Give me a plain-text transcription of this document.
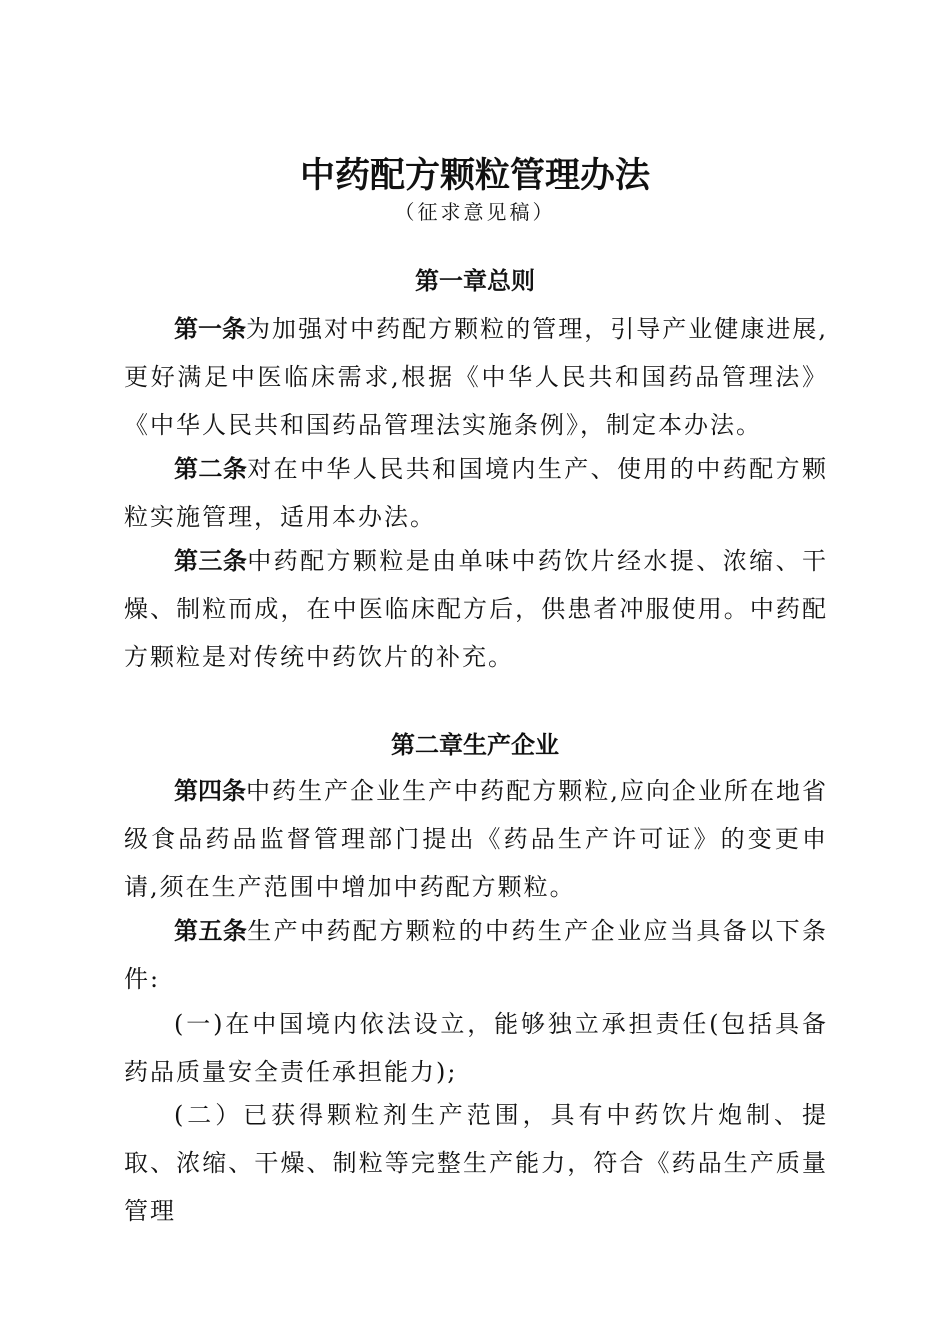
中药配方颗粒管理办法
（征求意见稿）
第一章总则
第一条为加强对中药配方颗粒的管理，引导产业健康进展,更好满足中医临床需求,根据《中华人民共和国药品管理法》《中华人民共和国药品管理法实施条例》，制定本办法。
第二条对在中华人民共和国境内生产、使用的中药配方颗粒实施管理，适用本办法。
第三条中药配方颗粒是由单味中药饮片经水提、浓缩、干燥、制粒而成，在中医临床配方后，供患者冲服使用。中药配方颗粒是对传统中药饮片的补充。
第二章生产企业
第四条中药生产企业生产中药配方颗粒,应向企业所在地省级食品药品监督管理部门提出《药品生产许可证》的变更申请,须在生产范围中增加中药配方颗粒。
第五条生产中药配方颗粒的中药生产企业应当具备以下条件:
(一)在中国境内依法设立，能够独立承担责任(包括具备药品质量安全责任承担能力);
(二）已获得颗粒剂生产范围，具有中药饮片炮制、提取、浓缩、干燥、制粒等完整生产能力，符合《药品生产质量管理
